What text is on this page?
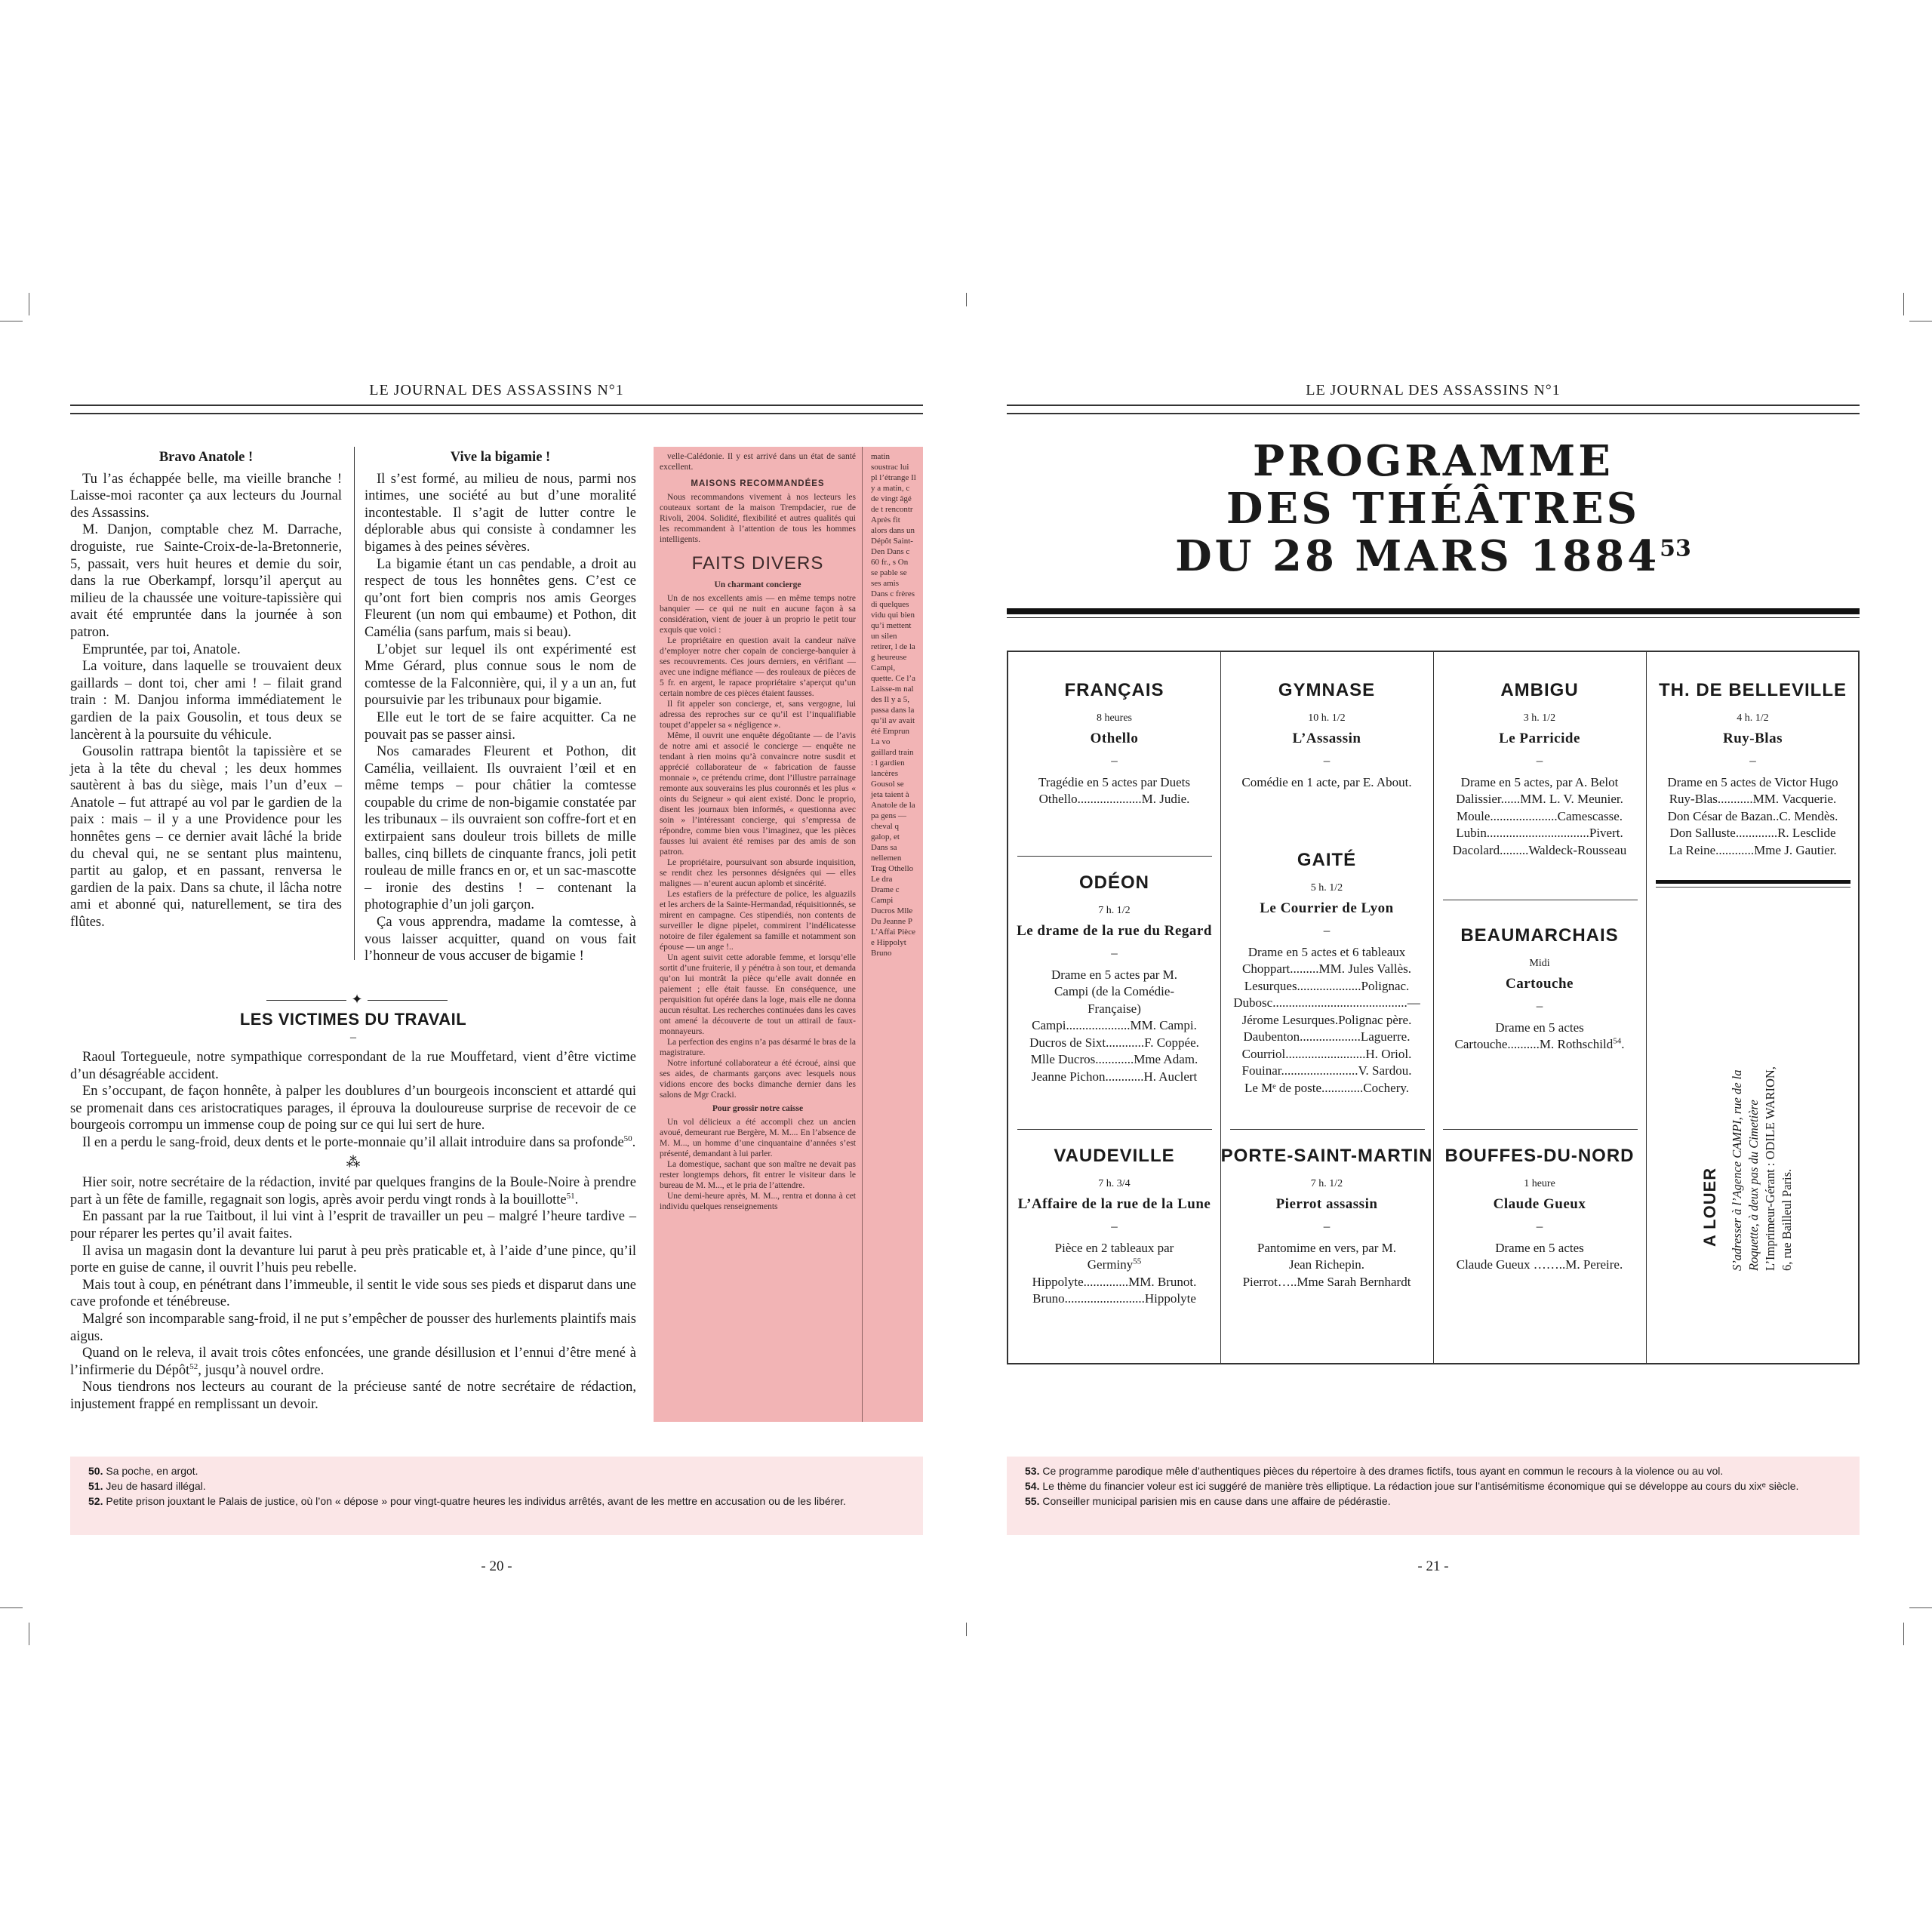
LE JOURNAL DES ASSASSINS N°1

Bravo Anatole !

Tu l’as échappée belle, ma vieille branche ! Laisse-moi raconter ça aux lecteurs du Journal des Assassins.

M. Danjon, comptable chez M. Darrache, droguiste, rue Sainte-Croix-de-la-Bretonnerie, 5, passait, vers huit heures et demie du soir, dans la rue Oberkampf, lorsqu’il aperçut au milieu de la chaussée une voiture-tapissière qui avait été empruntée dans la journée à son patron.

Empruntée, par toi, Anatole.

La voiture, dans laquelle se trouvaient deux gaillards – dont toi, cher ami ! – filait grand train : M. Danjou informa immédiatement le gardien de la paix Gousolin, et tous deux se lancèrent à la poursuite du véhicule.

Gousolin rattrapa bientôt la tapissière et se jeta à la tête du cheval ; les deux hommes sautèrent à bas du siège, mais l’un d’eux – Anatole – fut attrapé au vol par le gardien de la paix : mais – il y a une Providence pour les honnêtes gens – ce dernier avait lâché la bride du cheval qui, ne se sentant plus maintenu, partit au galop, et en passant, renversa le gardien de la paix. Dans sa chute, il lâcha notre ami et abonné qui, naturellement, se tira des flûtes.

Vive la bigamie !

Il s’est formé, au milieu de nous, parmi nos intimes, une société au but d’une moralité incontestable. Il s’agit de lutter contre le déplorable abus qui consiste à condamner les bigames à des peines sévères.

La bigamie étant un cas pendable, a droit au respect de tous les honnêtes gens. C’est ce qu’ont fort bien compris nos amis Georges Fleurent (un nom qui embaume) et Pothon, dit Camélia (sans parfum, mais si beau).

L’objet sur lequel ils ont expérimenté est Mme Gérard, plus connue sous le nom de comtesse de la Falconnière, qui, il y a un an, fut poursuivie par les tribunaux pour bigamie.

Elle eut le tort de se faire acquitter. Ca ne pouvait pas se passer ainsi.

Nos camarades Fleurent et Pothon, dit Camélia, veillaient. Ils ouvraient l’œil et en même temps – pour châtier la comtesse coupable du crime de non-bigamie constatée par les tribunaux – ils ouvraient son coffre-fort et en extirpaient sans douleur trois billets de mille balles, cinq billets de cinquante francs, joli petit rouleau de mille francs en or, et un sac-mascotte – ironie des destins ! – contenant la photographie d’un joli garçon.

Ça vous apprendra, madame la comtesse, à vous laisser acquitter, quand on vous fait l’honneur de vous accuser de bigamie !

✦
LES VICTIMES DU TRAVAIL
–

Raoul Tortegueule, notre sympathique correspondant de la rue Mouffetard, vient d’être victime d’un désagréable accident.

En s’occupant, de façon honnête, à palper les doublures d’un bourgeois inconscient et attardé qui se promenait dans ces aristocratiques parages, il éprouva la douloureuse surprise de recevoir de ce bourgeois corrompu un immense coup de poing sur ce qui lui sert de hure.

Il en a perdu le sang-froid, deux dents et le porte-monnaie qu’il allait introduire dans sa profonde$^{50}$.

⁂

Hier soir, notre secrétaire de la rédaction, invité par quelques frangins de la Boule-Noire à prendre part à un fête de famille, regagnait son logis, après avoir perdu vingt ronds à la bouillotte$^{51}$.

En passant par la rue Taitbout, il lui vint à l’esprit de travailler un peu – malgré l’heure tardive – pour réparer les pertes qu’il avait faites.

Il avisa un magasin dont la devanture lui parut à peu près praticable et, à l’aide d’une pince, qu’il porte en guise de canne, il ouvrit l’huis peu rebelle.

Mais tout à coup, en pénétrant dans l’immeuble, il sentit le vide sous ses pieds et disparut dans une cave profonde et ténébreuse.

Malgré son incomparable sang-froid, il ne put s’empêcher de pousser des hurlements plaintifs mais aigus.

Quand on le releva, il avait trois côtes enfoncées, une grande désillusion et l’ennui d’être mené à l’infirmerie du Dépôt$^{52}$, jusqu’à nouvel ordre.

Nous tiendrons nos lecteurs au courant de la précieuse santé de notre secrétaire de rédaction, injustement frappé en remplissant un devoir.

velle-Calédonie. Il y est arrivé dans un état de santé excellent.

MAISONS RECOMMANDÉES

Nous recommandons vivement à nos lecteurs les couteaux sortant de la maison Trempdacier, rue de Rivoli, 2004. Solidité, flexibilité et autres qualités qui les recommandent à l’attention de tous les hommes intelligents.

FAITS DIVERS

Un charmant concierge

Un de nos excellents amis — en même temps notre banquier — ce qui ne nuit en aucune façon à sa considération, vient de jouer à un proprio le petit tour exquis que voici :

Le propriétaire en question avait la candeur naïve d’employer notre cher copain de concierge-banquier à ses recouvrements. Ces jours derniers, en vérifiant — avec une indigne méfiance — des rouleaux de pièces de 5 fr. en argent, le rapace propriétaire s’aperçut qu’un certain nombre de ces pièces étaient fausses.

Il fit appeler son concierge, et, sans vergogne, lui adressa des reproches sur ce qu’il est l’inqualifiable toupet d’appeler sa « négligence ».

Même, il ouvrit une enquête dégoûtante — de l’avis de notre ami et associé le concierge — enquête ne tendant à rien moins qu’à convaincre notre susdit et apprécié collaborateur de « fabrication de fausse monnaie », ce prétendu crime, dont l’illustre parrainage remonte aux souverains les plus couronnés et les plus « oints du Seigneur » qui aient existé. Donc le proprio, disent les journaux bien informés, « questionna avec soin » l’intéressant concierge, qui s’empressa de répondre, comme bien vous l’imaginez, que les pièces fausses lui avaient été remises par des amis de son patron.

Le propriétaire, poursuivant son absurde inquisition, se rendit chez les personnes désignées qui — elles malignes — n’eurent aucun aplomb et sincérité.

Les estafiers de la préfecture de police, les alguazils et les archers de la Sainte-Hermandad, réquisitionnés, se mirent en campagne. Ces stipendiés, non contents de surveiller le digne pipelet, commirent l’indélicatesse notoire de filer également sa famille et notamment son épouse — un ange !..

Un agent suivit cette adorable femme, et lorsqu’elle sortit d’une fruiterie, il y pénétra à son tour, et demanda qu’on lui montrât la pièce qu’elle avait donnée en paiement ; elle était fausse. En conséquence, une perquisition fut opérée dans la loge, mais elle ne donna aucun résultat. Les recherches continuées dans les caves ont amené la découverte de tout un attirail de faux-monnayeurs.

La perfection des engins n’a pas désarmé le bras de la magistrature.

Notre infortuné collaborateur a été écroué, ainsi que ses aides, de charmants garçons avec lesquels nous vidions encore des bocks dimanche dernier dans les salons de Mgr Cracki.

Pour grossir notre caisse

Un vol délicieux a été accompli chez un ancien avoué, demeurant rue Bergère, M. M.... En l’absence de M. M..., un homme d’une cinquantaine d’années s’est présenté, demandant à lui parler.

La domestique, sachant que son maître ne devait pas rester longtemps dehors, fit entrer le visiteur dans le bureau de M. M..., et le pria de l’attendre.

Une demi-heure après, M. M..., rentra et donna à cet individu quelques renseignements

matin soustrac lui pl l’étrange Il y a matin, c de vingt âgé de t rencontr Après fit alors dans un Dépôt Saint-Den Dans c 60 fr., s On se pable se ses amis Dans c frères di quelques vidu qui bien qu’i mettent un silen retirer, l de la g heureuse Campi, quette. Ce l’a Laisse-m nal des Il y a 5, passa dans la qu’il av avait été Emprun La vo gaillard train : l gardien lancères Gousol se jeta taient à Anatole de la pa gens — cheval q galop, et Dans sa nellemen Trag Othello Le dra Drame c Campi Ducros Mlle Du Jeanne P L’Affai Pièce e Hippolyt Bruno
50. Sa poche, en argot.
51. Jeu de hasard illégal.
52. Petite prison jouxtant le Palais de justice, où l’on « dépose » pour vingt-quatre heures les individus arrêtés, avant de les mettre en accusation ou de les libérer.
- 20 -
LE JOURNAL DES ASSASSINS N°1
PROGRAMME
DES THÉÂTRES
DU 28 MARS 1884$^{53}$
FRANÇAIS
8 heures
Othello
–
Tragédie en 5 actes par Duets
Othello....................M. Judie.
GYMNASE
10 h. 1/2
L’Assassin
–
Comédie en 1 acte, par E. About.
AMBIGU
3 h. 1/2
Le Parricide
–
Drame en 5 actes, par A. Belot
Dalissier......MM. L. V. Meunier.
Moule.....................Camescasse.
Lubin................................Pivert.
Dacolard.........Waldeck-Rousseau
TH. DE BELLEVILLE
4 h. 1/2
Ruy-Blas
–
Drame en 5 actes de Victor Hugo
Ruy-Blas...........MM. Vacquerie.
Don César de Bazan..C. Mendès.
Don Salluste.............R. Lesclide
La Reine............Mme J. Gautier.
ODÉON
7 h. 1/2
Le drame de la rue du Regard
–
Drame en 5 actes par M. Campi (de la Comédie-Française)
Campi....................MM. Campi.
Ducros de Sixt............F. Coppée.
Mlle Ducros............Mme Adam.
Jeanne Pichon............H. Auclert
GAITÉ
5 h. 1/2
Le Courrier de Lyon
–
Drame en 5 actes et 6 tableaux
Choppart.........MM. Jules Vallès.
Lesurques....................Polignac.
Dubosc..........................................—
Jérome Lesurques.Polignac père.
Daubenton...................Laguerre.
Courriol.........................H. Oriol.
Fouinar........................V. Sardou.
Le Mᵉ de poste.............Cochery.
BEAUMARCHAIS
Midi
Cartouche
–
Drame en 5 actes
Cartouche..........M. Rothschild$^{54}$.
VAUDEVILLE
7 h. 3/4
L’Affaire de la rue de la Lune
–
Pièce en 2 tableaux par Germiny$^{55}$
Hippolyte..............MM. Brunot.
Bruno.........................Hippolyte
PORTE-SAINT-MARTIN
7 h. 1/2
Pierrot assassin
–
Pantomime en vers, par M. Jean Richepin.
Pierrot…..Mme Sarah Bernhardt
BOUFFES-DU-NORD
1 heure
Claude Gueux
–
Drame en 5 actes
Claude Gueux ……..M. Pereire.
A LOUER S’adresser à l’Agence CAMPI, rue de la Roquette, à deux pas du Cimetière L’Imprimeur-Gérant : ODILE WARION, 6, rue Bailleul Paris.
53. Ce programme parodique mêle d’authentiques pièces du répertoire à des drames fictifs, tous ayant en commun le recours à la violence ou au vol.
54. Le thème du financier voleur est ici suggéré de manière très elliptique. La rédaction joue sur l’antisémitisme économique qui se développe au cours du xixᵉ siècle.
55. Conseiller municipal parisien mis en cause dans une affaire de pédérastie.
- 21 -
